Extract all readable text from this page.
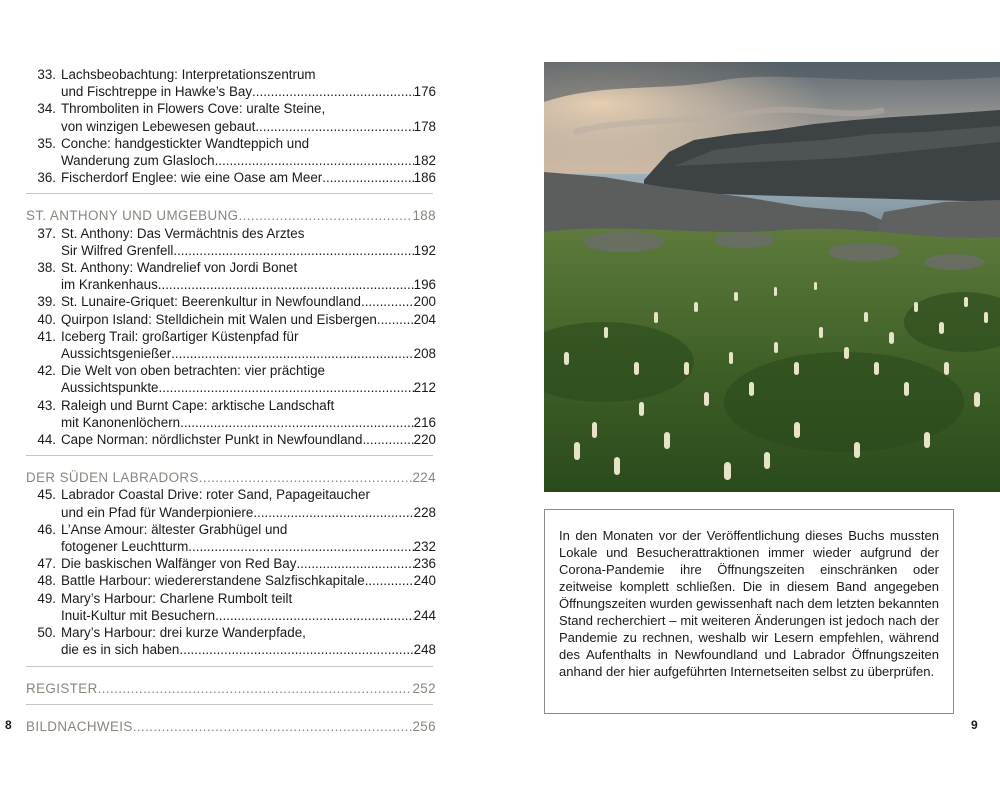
33. Lachsbeobachtung: Interpretationszentrum
und Fischtreppe in Hawke’s Bay .....	176
34. Thromboliten in Flowers Cove: uralte Steine,
von winzigen Lebewesen gebaut .....	178
35. Conche: handgestickter Wandteppich und
Wanderung zum Glasloch .....	182
36. Fischerdorf Englee: wie eine Oase am Meer .....	186
ST. ANTHONY UND UMGEBUNG .....	188
37. St. Anthony: Das Vermächtnis des Arztes
Sir Wilfred Grenfell .....	192
38. St. Anthony: Wandrelief von Jordi Bonet
im Krankenhaus .....	196
39. St. Lunaire-Griquet: Beerenkultur in Newfoundland .....	200
40. Quirpon Island: Stelldichein mit Walen und Eisbergen .....	204
41. Iceberg Trail: großartiger Küstenpfad für
Aussichtsgenießer .....	208
42. Die Welt von oben betrachten: vier prächtige
Aussichtspunkte .....	212
43. Raleigh und Burnt Cape: arktische Landschaft
mit Kanonenlöchern .....	216
44. Cape Norman: nördlichster Punkt in Newfoundland .....	220
DER SÜDEN LABRADORS .....	224
45. Labrador Coastal Drive: roter Sand, Papageitaucher
und ein Pfad für Wanderpioniere .....	228
46. L’Anse Amour: ältester Grabhügel und
fotogener Leuchtturm .....	232
47. Die baskischen Walfänger von Red Bay .....	236
48. Battle Harbour: wiedererstandene Salzfischkapitale .....	240
49. Mary’s Harbour: Charlene Rumbolt teilt
Inuit-Kultur mit Besuchern .....	244
50. Mary’s Harbour: drei kurze Wanderpfade,
die es in sich haben .....	248
REGISTER .....	252
BILDNACHWEIS .....	256
8	9

In den Monaten vor der Veröffentlichung dieses Buchs mussten Lokale und Besucherattraktionen immer wieder aufgrund der Corona-Pandemie ihre Öffnungszeiten einschränken oder zeitweise komplett schließen. Die in diesem Band angegeben Öffnungszeiten wurden gewissenhaft nach dem letzten bekannten Stand recherchiert – mit weiteren Änderungen ist jedoch nach der Pandemie zu rechnen, weshalb wir Lesern empfehlen, während des Aufenthalts in Newfoundland und Labrador Öffnungszeiten anhand der hier aufgeführten Internetseiten selbst zu überprüfen.
